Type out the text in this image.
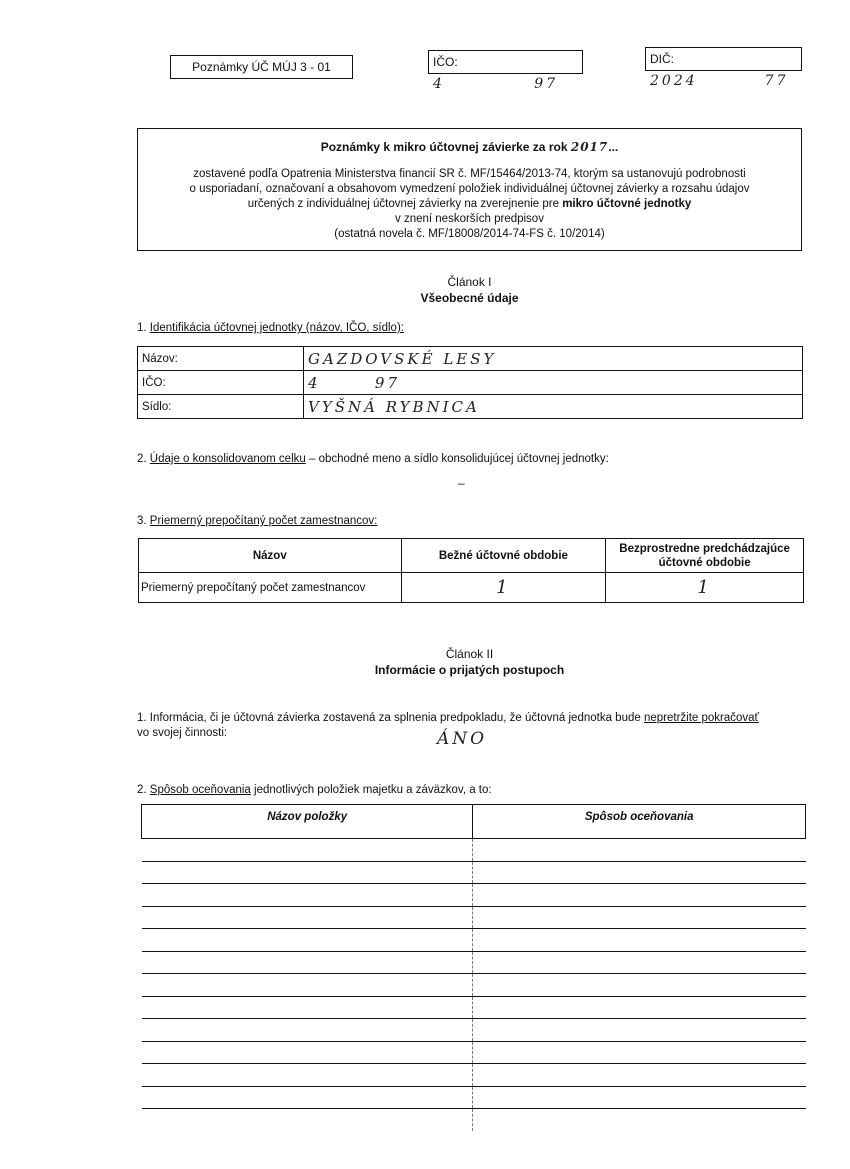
Poznámky ÚČ MÚJ 3 - 01	IČO: 4            97
DIČ: 2024         77
Poznámky k mikro účtovnej závierke za rok 2017...
zostavené podľa Opatrenia Ministerstva financií SR č. MF/15464/2013-74, ktorým sa ustanovujú podrobnosti
o usporiadaní, označovaní a obsahovom vymedzení položiek individuálnej účtovnej závierky a rozsahu údajov
určených z individuálnej účtovnej závierky na zverejnenie pre mikro účtovné jednotky
v znení neskorších predpisov
(ostatná novela č. MF/18008/2014-74-FS č. 10/2014)
Článok I
Všeobecné údaje
1. Identifikácia účtovnej jednotky (názov, IČO, sídlo):
Názov:	GAZDOVSKÉ LESY
IČO:	4       97
Sídlo:	VYŠNÁ RYBNICA
2. Údaje o konsolidovanom celku – obchodné meno a sídlo konsolidujúcej účtovnej jednotky:
–
3. Priemerný prepočítaný počet zamestnancov:
Názov	Bežné účtovné obdobie	Bezprostredne predchádzajúce účtovné obdobie
Priemerný prepočítaný počet zamestnancov	1	1
Článok II
Informácie o prijatých postupoch
1. Informácia, či je účtovná závierka zostavená za splnenia predpokladu, že účtovná jednotka bude nepretržite pokračovať
vo svojej činnosti:	ÁNO
2. Spôsob oceňovania jednotlivých položiek majetku a záväzkov, a to:
Názov položky	Spôsob oceňovania
